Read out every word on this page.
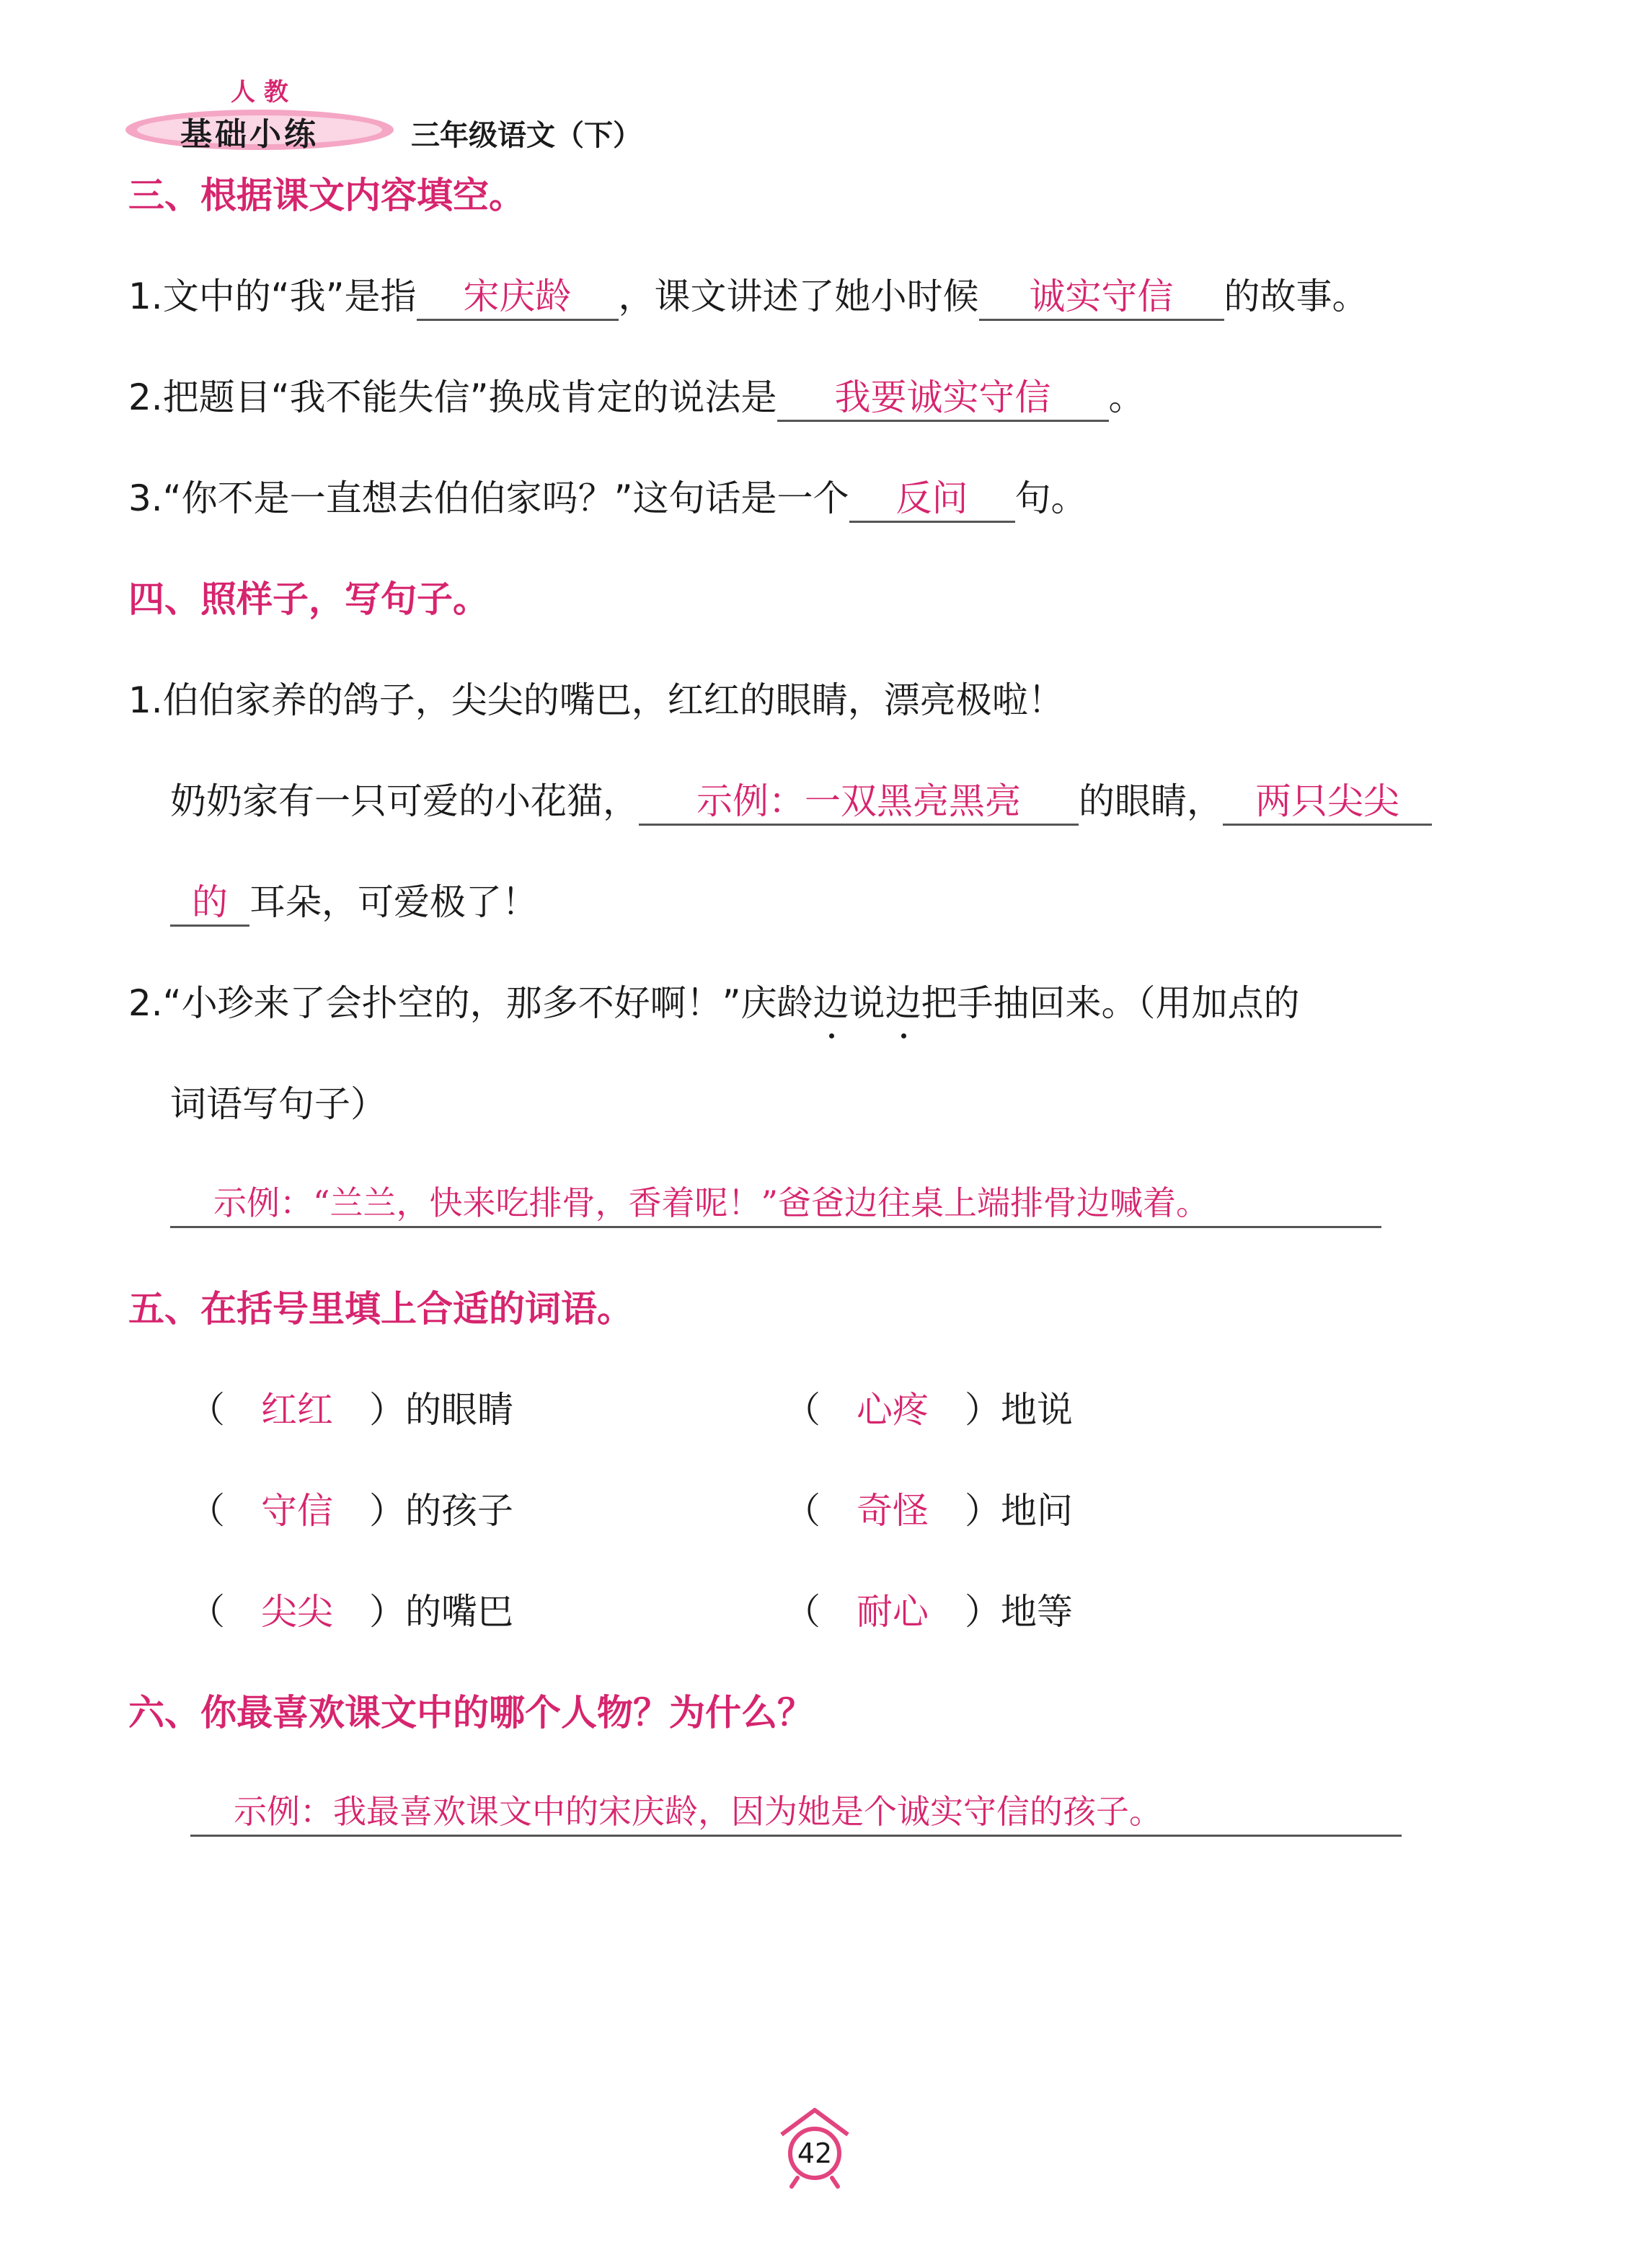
人 教
基础小练	三年级语文（下）
三、根据课文内容填空。
1.文中的“我”是指 宋庆龄 ，课文讲述了她小时候 诚实守信 的故事。
2.把题目“我不能失信”换成肯定的说法是 我要诚实守信 。
3.“你不是一直想去伯伯家吗？”这句话是一个 反问 句。
四、照样子，写句子。
1.伯伯家养的鸽子，尖尖的嘴巴，红红的眼睛，漂亮极啦！
奶奶家有一只可爱的小花猫， 示例：一双黑亮黑亮 的眼睛， 两只尖尖
的 耳朵，可爱极了！
2.“小珍来了会扑空的，那多不好啊！”庆龄边说边把手抽回来。（用加点的
词语写句子）
示例：“兰兰，快来吃排骨，香着呢！”爸爸边往桌上端排骨边喊着。
五、在括号里填上合适的词语。
（ 红红 ）的眼睛	（ 心疼 ）地说
（ 守信 ）的孩子	（ 奇怪 ）地问
（ 尖尖 ）的嘴巴	（ 耐心 ）地等
六、你最喜欢课文中的哪个人物？为什么？
示例：我最喜欢课文中的宋庆龄，因为她是个诚实守信的孩子。
42
